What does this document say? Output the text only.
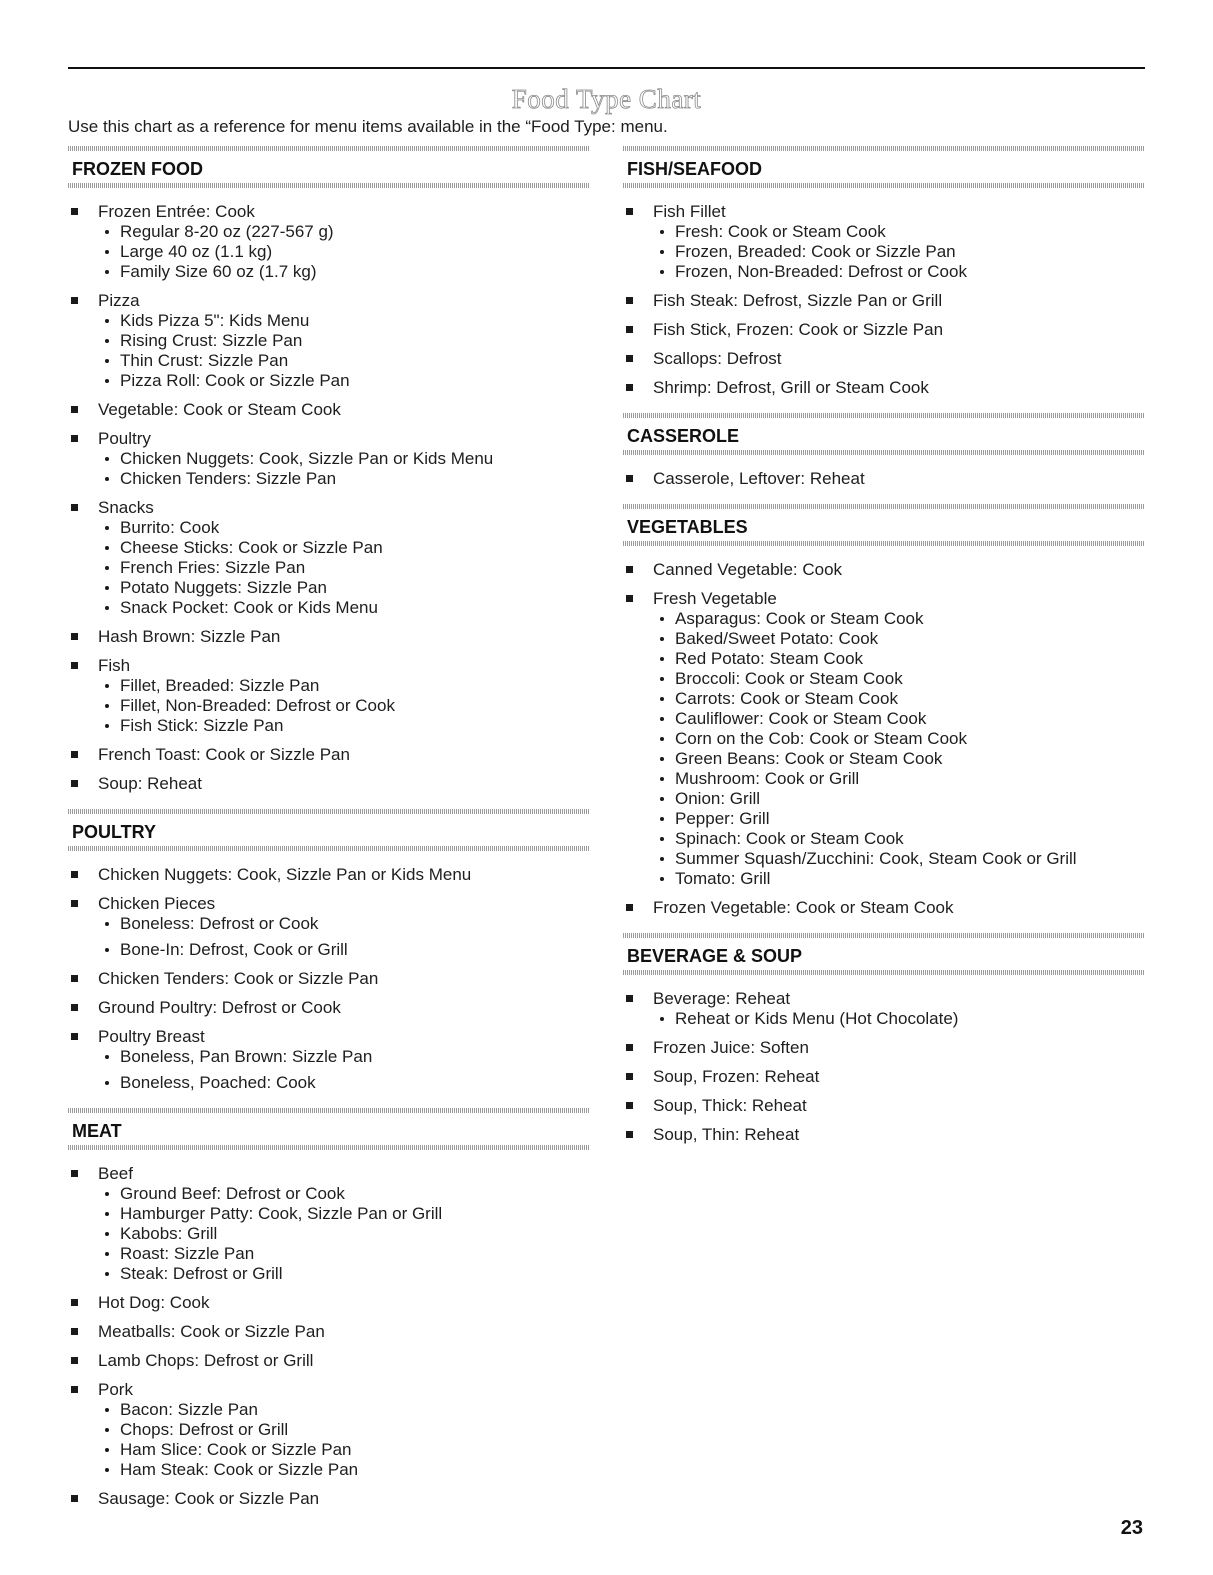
Food Type Chart
Use this chart as a reference for menu items available in the “Food Type: menu.
FROZEN FOOD
Frozen Entrée: Cook
Regular 8-20 oz (227-567 g)
Large 40 oz (1.1 kg)
Family Size 60 oz (1.7 kg)
Pizza
Kids Pizza 5": Kids Menu
Rising Crust: Sizzle Pan
Thin Crust: Sizzle Pan
Pizza Roll: Cook or Sizzle Pan
Vegetable: Cook or Steam Cook
Poultry
Chicken Nuggets: Cook, Sizzle Pan or Kids Menu
Chicken Tenders: Sizzle Pan
Snacks
Burrito: Cook
Cheese Sticks: Cook or Sizzle Pan
French Fries: Sizzle Pan
Potato Nuggets: Sizzle Pan
Snack Pocket: Cook or Kids Menu
Hash Brown: Sizzle Pan
Fish
Fillet, Breaded: Sizzle Pan
Fillet, Non-Breaded: Defrost or Cook
Fish Stick: Sizzle Pan
French Toast: Cook or Sizzle Pan
Soup: Reheat
POULTRY
Chicken Nuggets: Cook, Sizzle Pan or Kids Menu
Chicken Pieces
Boneless: Defrost or Cook
Bone-In: Defrost, Cook or Grill
Chicken Tenders: Cook or Sizzle Pan
Ground Poultry: Defrost or Cook
Poultry Breast
Boneless, Pan Brown: Sizzle Pan
Boneless, Poached: Cook
MEAT
Beef
Ground Beef: Defrost or Cook
Hamburger Patty: Cook, Sizzle Pan or Grill
Kabobs: Grill
Roast: Sizzle Pan
Steak: Defrost or Grill
Hot Dog: Cook
Meatballs: Cook or Sizzle Pan
Lamb Chops: Defrost or Grill
Pork
Bacon: Sizzle Pan
Chops: Defrost or Grill
Ham Slice: Cook or Sizzle Pan
Ham Steak: Cook or Sizzle Pan
Sausage: Cook or Sizzle Pan
FISH/SEAFOOD
Fish Fillet
Fresh: Cook or Steam Cook
Frozen, Breaded: Cook or Sizzle Pan
Frozen, Non-Breaded: Defrost or Cook
Fish Steak: Defrost, Sizzle Pan or Grill
Fish Stick, Frozen: Cook or Sizzle Pan
Scallops: Defrost
Shrimp: Defrost, Grill or Steam Cook
CASSEROLE
Casserole, Leftover: Reheat
VEGETABLES
Canned Vegetable: Cook
Fresh Vegetable
Asparagus: Cook or Steam Cook
Baked/Sweet Potato: Cook
Red Potato: Steam Cook
Broccoli: Cook or Steam Cook
Carrots: Cook or Steam Cook
Cauliflower: Cook or Steam Cook
Corn on the Cob: Cook or Steam Cook
Green Beans: Cook or Steam Cook
Mushroom: Cook or Grill
Onion: Grill
Pepper: Grill
Spinach: Cook or Steam Cook
Summer Squash/Zucchini: Cook, Steam Cook or Grill
Tomato: Grill
Frozen Vegetable: Cook or Steam Cook
BEVERAGE & SOUP
Beverage: Reheat
Reheat or Kids Menu (Hot Chocolate)
Frozen Juice: Soften
Soup, Frozen: Reheat
Soup, Thick: Reheat
Soup, Thin: Reheat
23
